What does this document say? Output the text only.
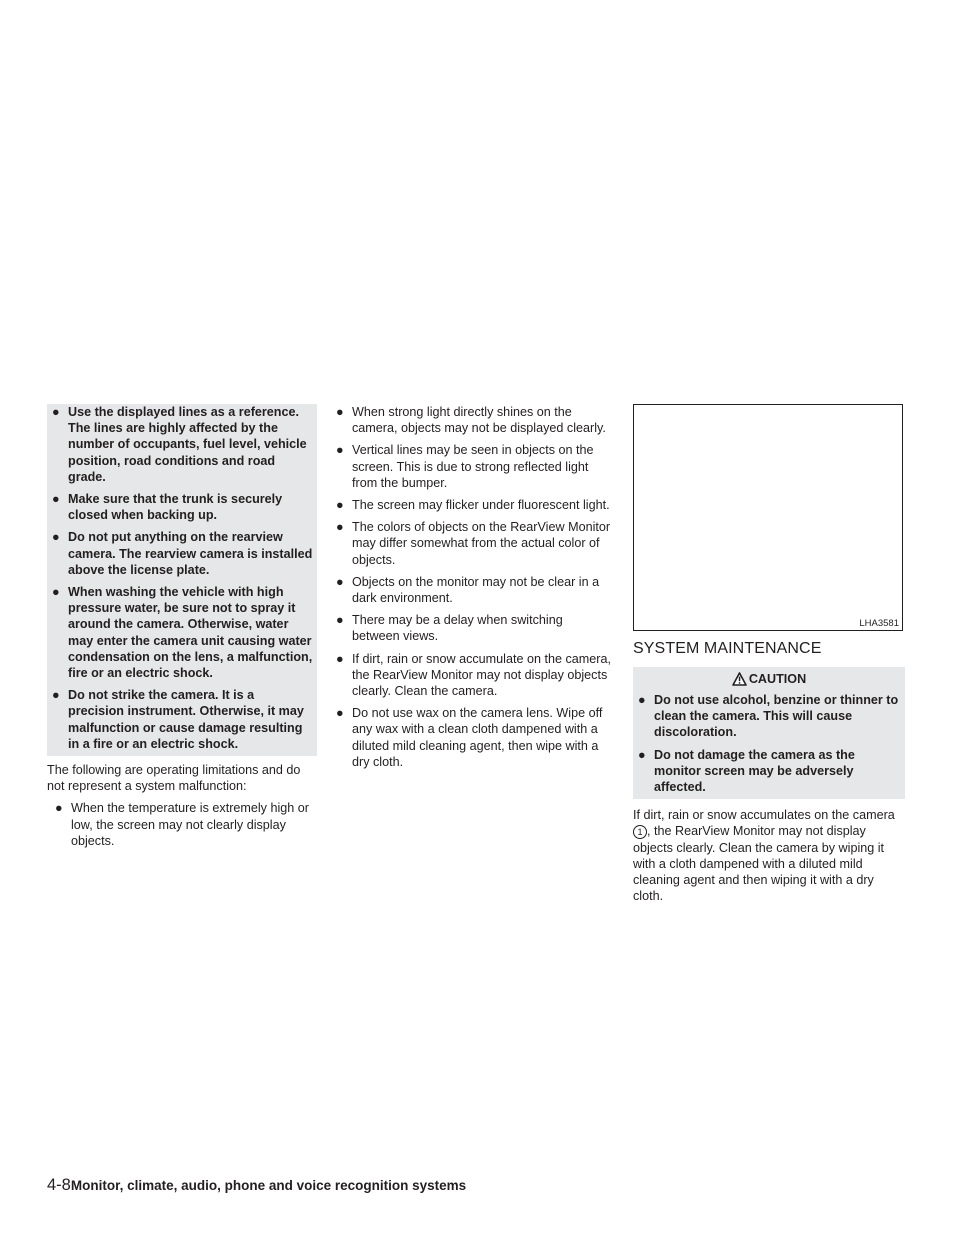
● Use the displayed lines as a reference. The lines are highly affected by the number of occupants, fuel level, vehicle position, road conditions and road grade.
● Make sure that the trunk is securely closed when backing up.
● Do not put anything on the rearview camera. The rearview camera is installed above the license plate.
● When washing the vehicle with high pressure water, be sure not to spray it around the camera. Otherwise, water may enter the camera unit causing water condensation on the lens, a malfunction, fire or an electric shock.
● Do not strike the camera. It is a precision instrument. Otherwise, it may malfunction or cause damage resulting in a fire or an electric shock.

The following are operating limitations and do not represent a system malfunction:

● When the temperature is extremely high or low, the screen may not clearly display objects.
● When strong light directly shines on the camera, objects may not be displayed clearly.
● Vertical lines may be seen in objects on the screen. This is due to strong reflected light from the bumper.
● The screen may flicker under fluorescent light.
● The colors of objects on the RearView Monitor may differ somewhat from the actual color of objects.
● Objects on the monitor may not be clear in a dark environment.
● There may be a delay when switching between views.
● If dirt, rain or snow accumulate on the camera, the RearView Monitor may not display objects clearly. Clean the camera.
● Do not use wax on the camera lens. Wipe off any wax with a clean cloth dampened with a diluted mild cleaning agent, then wipe with a dry cloth.
LHA3581
SYSTEM MAINTENANCE
CAUTION
● Do not use alcohol, benzine or thinner to clean the camera. This will cause discoloration.
● Do not damage the camera as the monitor screen may be adversely affected.

If dirt, rain or snow accumulates on the camera
1 , the RearView Monitor may not display objects clearly. Clean the camera by wiping it with a cloth dampened with a diluted mild cleaning agent and then wiping it with a dry cloth.

4-8Monitor, climate, audio, phone and voice recognition systems
